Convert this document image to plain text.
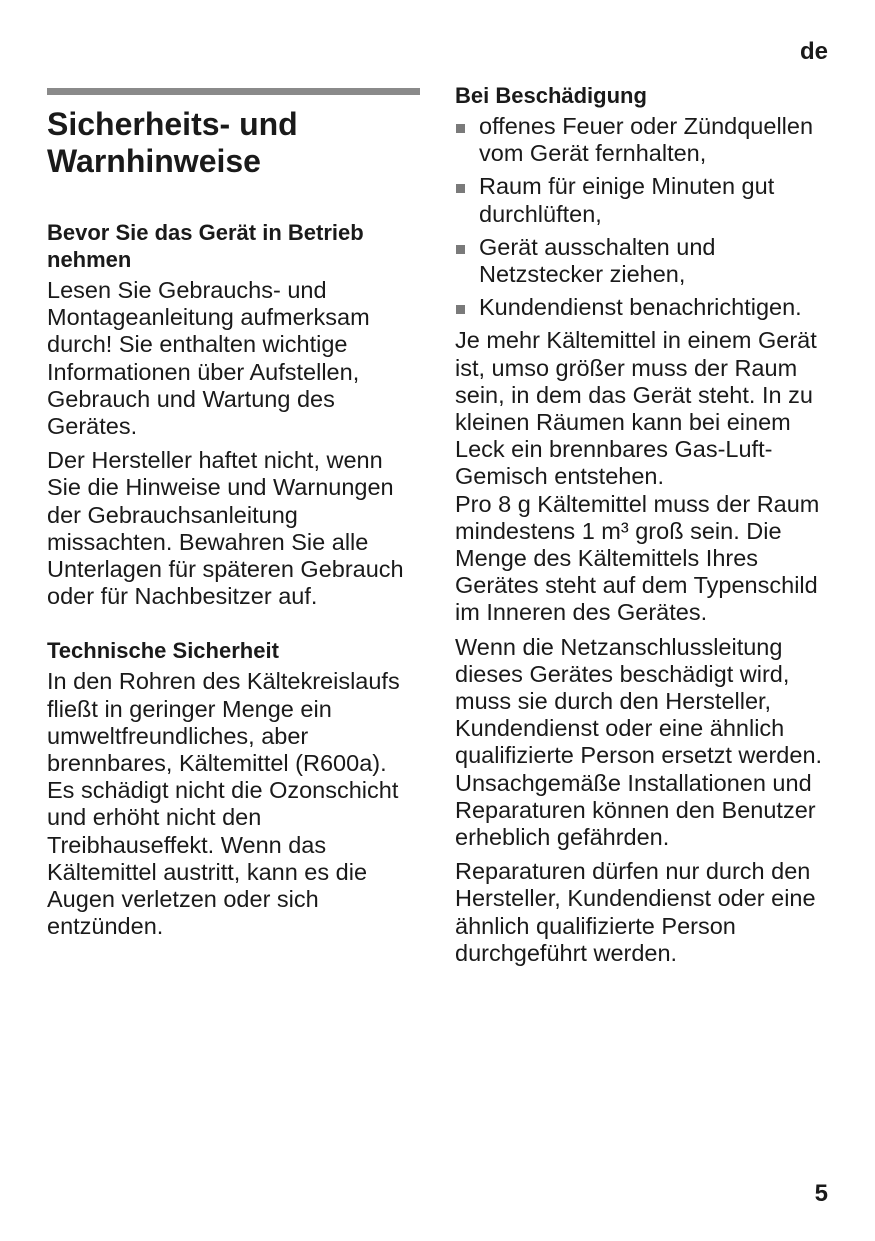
de
Sicherheits- und Warnhinweise
Bevor Sie das Gerät in Betrieb nehmen

Lesen Sie Gebrauchs- und Montageanleitung aufmerksam durch! Sie enthalten wichtige Informationen über Aufstellen, Gebrauch und Wartung des Gerätes.

Der Hersteller haftet nicht, wenn Sie die Hinweise und Warnungen der Gebrauchsanleitung missachten. Bewahren Sie alle Unterlagen für späteren Gebrauch oder für Nachbesitzer auf.

Technische Sicherheit

In den Rohren des Kältekreislaufs fließt in geringer Menge ein umweltfreundliches, aber brennbares, Kältemittel (R600a). Es schädigt nicht die Ozonschicht und erhöht nicht den Treibhauseffekt. Wenn das Kältemittel austritt, kann es die Augen verletzen oder sich entzünden.

Bei Beschädigung
offenes Feuer oder Zündquellen vom Gerät fernhalten,
Raum für einige Minuten gut durchlüften,
Gerät ausschalten und Netzstecker ziehen,
Kundendienst benachrichtigen.

Je mehr Kältemittel in einem Gerät ist, umso größer muss der Raum sein, in dem das Gerät steht. In zu kleinen Räumen kann bei einem Leck ein brennbares Gas-Luft-Gemisch entstehen.

Pro 8 g Kältemittel muss der Raum mindestens 1 m³ groß sein. Die Menge des Kältemittels Ihres Gerätes steht auf dem Typenschild im Inneren des Gerätes.

Wenn die Netzanschlussleitung dieses Gerätes beschädigt wird, muss sie durch den Hersteller, Kundendienst oder eine ähnlich qualifizierte Person ersetzt werden. Unsachgemäße Installationen und Reparaturen können den Benutzer erheblich gefährden.

Reparaturen dürfen nur durch den Hersteller, Kundendienst oder eine ähnlich qualifizierte Person durchgeführt werden.

5
